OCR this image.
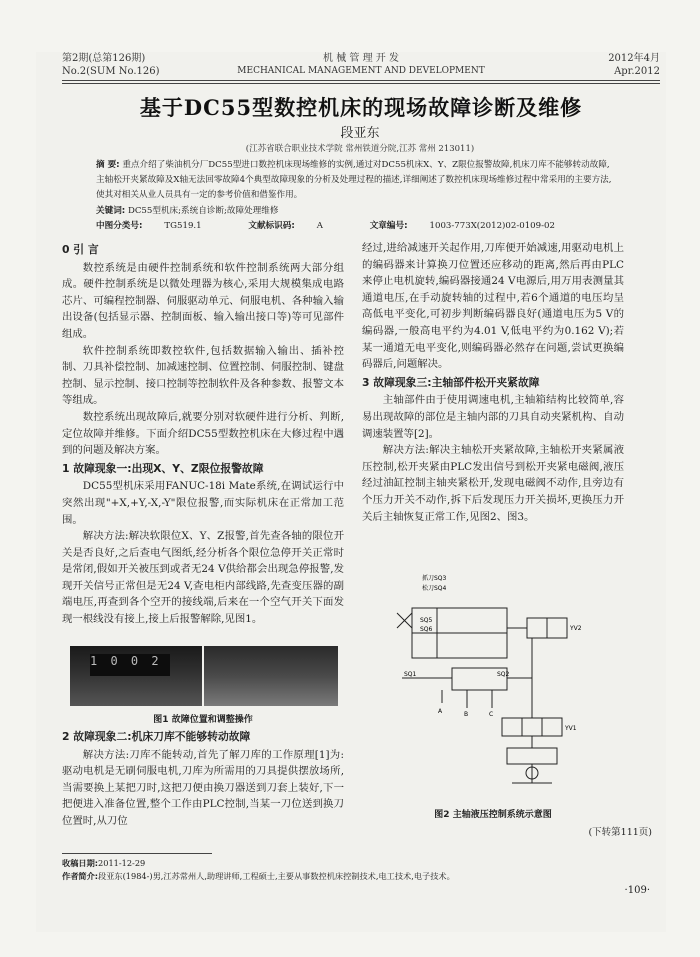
第2期(总第126期)
No.2(SUM No.126)
机 械 管 理 开 发
MECHANICAL MANAGEMENT AND DEVELOPMENT
2012年4月
Apr.2012
基于DC55型数控机床的现场故障诊断及维修
段亚东
(江苏省联合职业技术学院 常州铁道分院,江苏 常州 213011)
摘 要: 重点介绍了柴油机分厂DC55型进口数控机床现场维修的实例,通过对DC55机床X、Y、Z限位报警故障,机床刀库不能够转动故障,主轴松开夹紧故障及X轴无法回零故障4个典型故障现象的分析及处理过程的描述,详细阐述了数控机床现场维修过程中常采用的主要方法,使其对相关从业人员具有一定的参考价值和借鉴作用。
关键词: DC55型机床;系统自诊断;故障处理维修
中图分类号:	TG519.1	文献标识码:	A	文章编号:	1003-773X(2012)02-0109-02

0 引 言

数控系统是由硬件控制系统和软件控制系统两大部分组成。硬件控制系统是以微处理器为核心,采用大规模集成电路芯片、可编程控制器、伺服驱动单元、伺服电机、各种输入输出设备(包括显示器、控制面板、输入输出接口等)等可见部件组成。

软件控制系统即数控软件,包括数据输入输出、插补控制、刀具补偿控制、加减速控制、位置控制、伺服控制、键盘控制、显示控制、接口控制等控制软件及各种参数、报警文本等组成。

数控系统出现故障后,就要分别对软硬件进行分析、判断,定位故障并维修。下面介绍DC55型数控机床在大修过程中遇到的问题及解决方案。

1 故障现象一:出现X、Y、Z限位报警故障

DC55型机床采用FANUC-18i Mate系统,在调试运行中突然出现"+X,+Y,-X,-Y"限位报警,而实际机床在正常加工范围。

解决方法:解决软限位X、Y、Z报警,首先查各轴的限位开关是否良好,之后查电气图纸,经分析各个限位急停开关正常时是常闭,假如开关被压到或者无24 V供给都会出现急停报警,发现开关信号正常但是无24 V,查电柜内部线路,先查变压器的副端电压,再查到各个空开的接线端,后来在一个空气开关下面发现一根线没有接上,接上后报警解除,见图1。

1 0 0 2
图1 故障位置和调整操作

2 故障现象二:机床刀库不能够转动故障

解决方法:刀库不能转动,首先了解刀库的工作原理[1]为:驱动电机是无刷伺服电机,刀库为所需用的刀具提供摆放场所,当需要换上某把刀时,这把刀便由换刀器送到刀套上装好,下一把便进入准备位置,整个工作由PLC控制,当某一刀位送到换刀位置时,从刀位

经过,进给减速开关起作用,刀库便开始减速,用驱动电机上的编码器来计算换刀位置还应移动的距离,然后再由PLC来停止电机旋转,编码器接通24 V电源后,用万用表测量其通道电压,在手动旋转轴的过程中,若6个通道的电压均呈高低电平变化,可初步判断编码器良好(通道电压为5 V的编码器,一般高电平约为4.01 V,低电平约为0.162 V);若某一通道无电平变化,则编码器必然存在问题,尝试更换编码器后,问题解决。

3 故障现象三:主轴部件松开夹紧故障

主轴部件由于使用调速电机,主轴箱结构比较简单,容易出现故障的部位是主轴内部的刀具自动夹紧机构、自动调速装置等[2]。

解决方法:解决主轴松开夹紧故障,主轴松开夹紧属液压控制,松开夹紧由PLC发出信号到松开夹紧电磁阀,液压经过油缸控制主轴夹紧松开,发现电磁阀不动作,且旁边有个压力开关不动作,拆下后发现压力开关损坏,更换压力开关后主轴恢复正常工作,见图2、图3。

抓刀SQ3
松刀SQ4
YV2
YV1
SQ5
SQ6
SQ1	SQ2
A	B	C
图2 主轴液压控制系统示意图
(下转第111页)
收稿日期:2011-12-29
作者简介:段亚东(1984-)男,江苏常州人,助理讲师,工程硕士,主要从事数控机床控制技术,电工技术,电子技术。
·109·
